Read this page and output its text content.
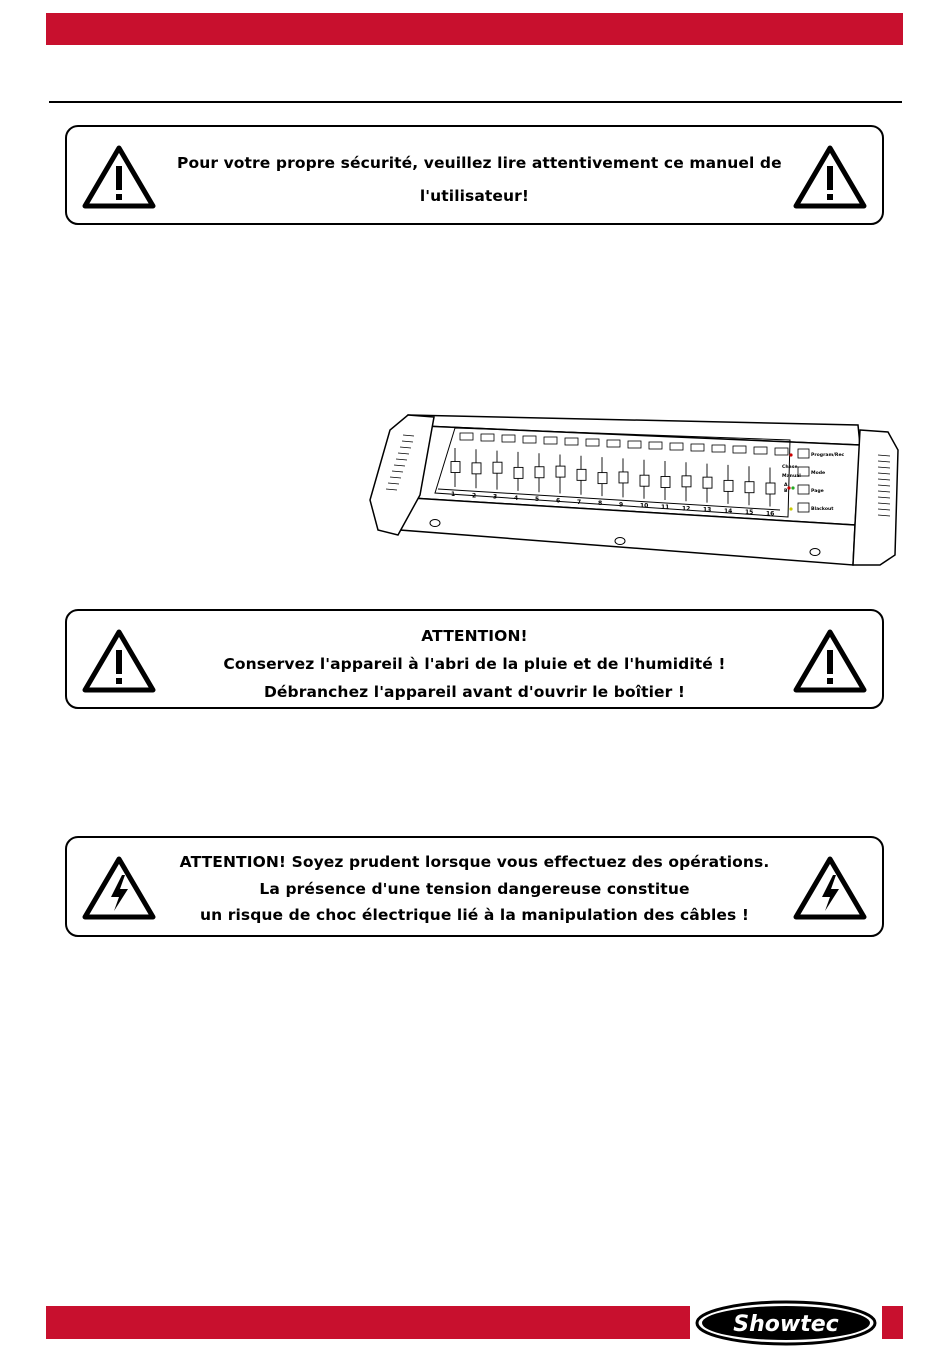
Pour votre propre sécurité, veuillez lire attentivement ce manuel de
l'utilisateur!
1	2	3	4	5	6	7	8	9	10 11 12 13 14 15 16
Program/Rec
Mode
Page
Blackout
Chase
Manual
A
B
ATTENTION!
Conservez l'appareil à l'abri de la pluie et de l'humidité !
Débranchez l'appareil avant d'ouvrir le boîtier !
ATTENTION! Soyez prudent lorsque vous effectuez des opérations.
La présence d'une tension dangereuse constitue
un risque de choc électrique lié à la manipulation des câbles !
Showtec
